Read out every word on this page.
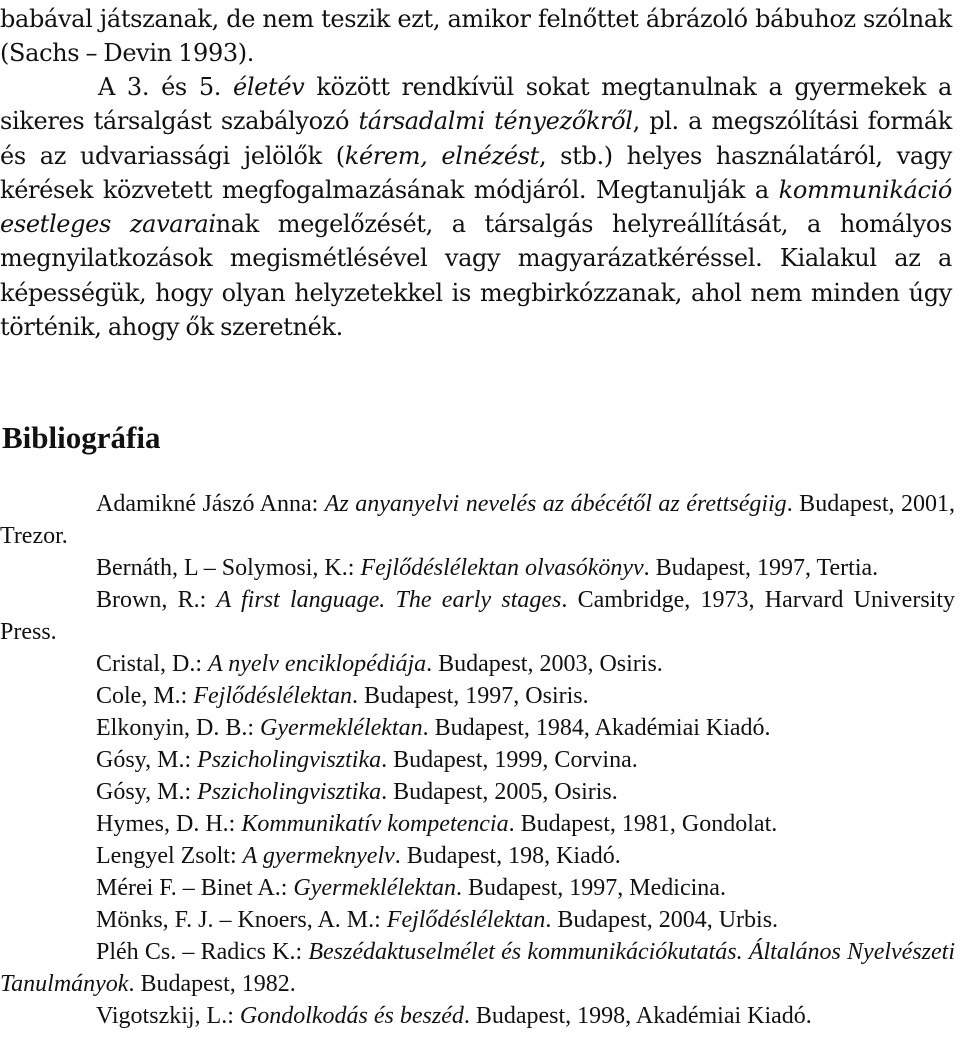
babával játszanak, de nem teszik ezt, amikor felnőttet ábrázoló bábuhoz szólnak (Sachs – Devin 1993).
A 3. és 5. életév között rendkívül sokat megtanulnak a gyermekek a sikeres társalgást szabályozó társadalmi tényezőkről, pl. a megszólítási formák és az udvariassági jelölők (kérem, elnézést, stb.) helyes használatáról, vagy kérések közvetett megfogalmazásának módjáról. Megtanulják a kommunikáció esetleges zavarainak megelőzését, a társalgás helyreállítását, a homályos megnyilatkozások megismétlésével vagy magyarázatkéréssel. Kialakul az a képességük, hogy olyan helyzetekkel is megbirkózzanak, ahol nem minden úgy történik, ahogy ők szeretnék.
Bibliográfia

Adamikné Jászó Anna: Az anyanyelvi nevelés az ábécétől az érettségiig. Budapest, 2001, Trezor.

Bernáth, L – Solymosi, K.: Fejlődéslélektan olvasókönyv. Budapest, 1997, Tertia.

Brown, R.: A first language. The early stages. Cambridge, 1973, Harvard University Press.

Cristal, D.: A nyelv enciklopédiája. Budapest, 2003, Osiris.

Cole, M.: Fejlődéslélektan. Budapest, 1997, Osiris.

Elkonyin, D. B.: Gyermeklélektan. Budapest, 1984, Akadémiai Kiadó.

Gósy, M.: Pszicholingvisztika. Budapest, 1999, Corvina.

Gósy, M.: Pszicholingvisztika. Budapest, 2005, Osiris.

Hymes, D. H.: Kommunikatív kompetencia. Budapest, 1981, Gondolat.

Lengyel Zsolt: A gyermeknyelv. Budapest, 198, Kiadó.

Mérei F. – Binet A.: Gyermeklélektan. Budapest, 1997, Medicina.

Mönks, F. J. – Knoers, A. M.: Fejlődéslélektan. Budapest, 2004, Urbis.

Pléh Cs. – Radics K.: Beszédaktuselmélet és kommunikációkutatás. Általános Nyelvészeti Tanulmányok. Budapest, 1982.

Vigotszkij, L.: Gondolkodás és beszéd. Budapest, 1998, Akadémiai Kiadó.
